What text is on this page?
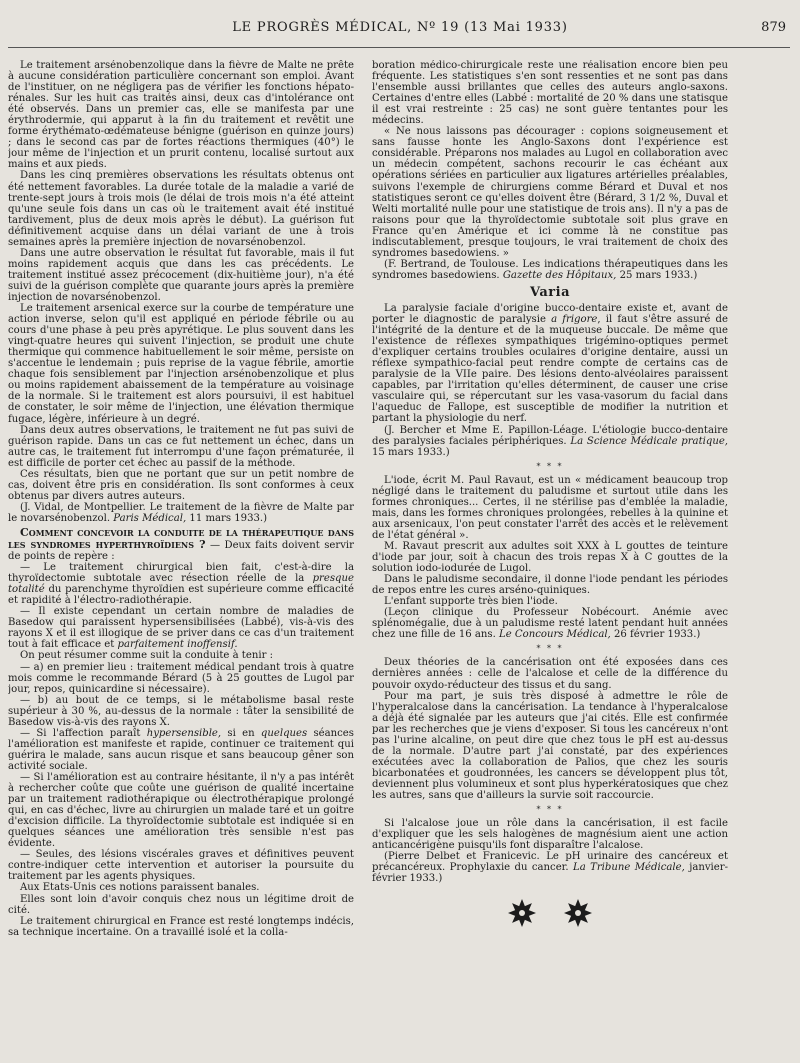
LE PROGRÈS MÉDICAL, Nº 19 (13 Mai 1933)	879

Le traitement arsénobenzolique dans la fièvre de Malte ne prête à aucune considération particulière concernant son emploi. Avant de l'instituer, on ne négligera pas de vérifier les fonctions hépato-rénales. Sur les huit cas traités ainsi, deux cas d'intolérance ont été observés. Dans un premier cas, elle se manifesta par une érythrodermie, qui apparut à la fin du traitement et revêtit une forme érythémato-œdémateuse bénigne (guérison en quinze jours) ; dans le second cas par de fortes réactions thermiques (40°) le jour même de l'injection et un prurit contenu, localisé surtout aux mains et aux pieds.

Dans les cinq premières observations les résultats obtenus ont été nettement favorables. La durée totale de la maladie a varié de trente-sept jours à trois mois (le délai de trois mois n'a été atteint qu'une seule fois dans un cas où le traitement avait été institué tardivement, plus de deux mois après le début). La guérison fut définitivement acquise dans un délai variant de une à trois semaines après la première injection de novarsénobenzol.

Dans une autre observation le résultat fut favorable, mais il fut moins rapidement acquis que dans les cas précédents. Le traitement institué assez précocement (dix-huitième jour), n'a été suivi de la guérison complète que quarante jours après la première injection de novarsénobenzol.

Le traitement arsenical exerce sur la courbe de température une action inverse, selon qu'il est appliqué en période fébrile ou au cours d'une phase à peu près apyrétique. Le plus souvent dans les vingt-quatre heures qui suivent l'injection, se produit une chute thermique qui commence habituellement le soir même, persiste on s'accentue le lendemain ; puis reprise de la vague fébrile, amortie chaque fois sensiblement par l'injection arsénobenzolique et plus ou moins rapidement abaissement de la température au voisinage de la normale. Si le traitement est alors poursuivi, il est habituel de constater, le soir même de l'injection, une élévation thermique fugace, légère, inférieure à un degré.

Dans deux autres observations, le traitement ne fut pas suivi de guérison rapide. Dans un cas ce fut nettement un échec, dans un autre cas, le traitement fut interrompu d'une façon prématurée, il est difficile de porter cet échec au passif de la méthode.

Ces résultats, bien que ne portant que sur un petit nombre de cas, doivent être pris en considération. Ils sont conformes à ceux obtenus par divers autres auteurs.

(J. Vidal, de Montpellier. Le traitement de la fièvre de Malte par le novarsénobenzol. Paris Médical, 11 mars 1933.)

Comment concevoir la conduite de la thérapeutique dans les syndromes hyperthyroïdiens ? — Deux faits doivent servir de points de repère :

— Le traitement chirurgical bien fait, c'est-à-dire la thyroïdectomie subtotale avec résection réelle de la presque totalité du parenchyme thyroïdien est supérieure comme efficacité et rapidité à l'électro-radiothérapie.

— Il existe cependant un certain nombre de maladies de Basedow qui paraissent hypersensibilisées (Labbé), vis-à-vis des rayons X et il est illogique de se priver dans ce cas d'un traitement tout à fait efficace et parfaitement inoffensif.

On peut résumer comme suit la conduite à tenir :

— a) en premier lieu : traitement médical pendant trois à quatre mois comme le recommande Bérard (5 à 25 gouttes de Lugol par jour, repos, quinicardine si nécessaire).

— b) au bout de ce temps, si le métabolisme basal reste supérieur à 30 %, au-dessus de la normale : tâter la sensibilité de Basedow vis-à-vis des rayons X.

— Si l'affection paraît hypersensible, si en quelques séances l'amélioration est manifeste et rapide, continuer ce traitement qui guérira le malade, sans aucun risque et sans beaucoup gêner son activité sociale.

— Si l'amélioration est au contraire hésitante, il n'y a pas intérêt à rechercher coûte que coûte une guérison de qualité incertaine par un traitement radiothérapique ou électrothérapique prolongé qui, en cas d'échec, livre au chirurgien un malade taré et un goitre d'excision difficile. La thyroïdectomie subtotale est indiquée si en quelques séances une amélioration très sensible n'est pas évidente.

— Seules, des lésions viscérales graves et définitives peuvent contre-indiquer cette intervention et autoriser la poursuite du traitement par les agents physiques.

Aux Etats-Unis ces notions paraissent banales.

Elles sont loin d'avoir conquis chez nous un légitime droit de cité.

Le traitement chirurgical en France est resté longtemps indécis, sa technique incertaine. On a travaillé isolé et la colla-

boration médico-chirurgicale reste une réalisation encore bien peu fréquente. Les statistiques s'en sont ressenties et ne sont pas dans l'ensemble aussi brillantes que celles des auteurs anglo-saxons. Certaines d'entre elles (Labbé : mortalité de 20 % dans une statisque il est vrai restreinte : 25 cas) ne sont guère tentantes pour les médecins.

« Ne nous laissons pas décourager : copions soigneusement et sans fausse honte les Anglo-Saxons dont l'expérience est considérable. Préparons nos malades au Lugol en collaboration avec un médecin compétent, sachons recourir le cas échéant aux opérations sériées en particulier aux ligatures artérielles préalables, suivons l'exemple de chirurgiens comme Bérard et Duval et nos statistiques seront ce qu'elles doivent être (Bérard, 3 1/2 %, Duval et Welti mortalité nulle pour une statistique de trois ans). Il n'y a pas de raisons pour que la thyroïdectomie subtotale soit plus grave en France qu'en Amérique et ici comme là ne constitue pas indiscutablement, presque toujours, le vrai traitement de choix des syndromes basedowiens. »

(F. Bertrand, de Toulouse. Les indications thérapeutiques dans les syndromes basedowiens. Gazette des Hôpitaux, 25 mars 1933.)

Varia

La paralysie faciale d'origine bucco-dentaire existe et, avant de porter le diagnostic de paralysie a frigore, il faut s'être assuré de l'intégrité de la denture et de la muqueuse buccale. De même que l'existence de réflexes sympathiques trigémino-optiques permet d'expliquer certains troubles oculaires d'origine dentaire, aussi un réflexe sympathico-facial peut rendre compte de certains cas de paralysie de la VIIe paire. Des lésions dento-alvéolaires paraissent capables, par l'irritation qu'elles déterminent, de causer une crise vasculaire qui, se répercutant sur les vasa-vasorum du facial dans l'aqueduc de Fallope, est susceptible de modifier la nutrition et partant la physiologie du nerf.

(J. Bercher et Mme E. Papillon-Léage. L'étiologie bucco-dentaire des paralysies faciales périphériques. La Science Médicale pratique, 15 mars 1933.)

* * *

L'iode, écrit M. Paul Ravaut, est un « médicament beaucoup trop négligé dans le traitement du paludisme et surtout utile dans les formes chroniques... Certes, il ne stérilise pas d'emblée la maladie, mais, dans les formes chroniques prolongées, rebelles à la quinine et aux arsenicaux, l'on peut constater l'arrêt des accès et le relèvement de l'état général ».

M. Ravaut prescrit aux adultes soit XXX à L gouttes de teinture d'iode par jour, soit à chacun des trois repas X à C gouttes de la solution iodo-iodurée de Lugol.

Dans le paludisme secondaire, il donne l'iode pendant les périodes de repos entre les cures arséno-quiniques.

L'enfant supporte très bien l'iode.

(Leçon clinique du Professeur Nobécourt. Anémie avec splénomégalie, due à un paludisme resté latent pendant huit années chez une fille de 16 ans. Le Concours Médical, 26 février 1933.)

* * *

Deux théories de la cancérisation ont été exposées dans ces dernières années : celle de l'alcalose et celle de la différence du pouvoir oxydo-réducteur des tissus et du sang.

Pour ma part, je suis très disposé à admettre le rôle de l'hyperalcalose dans la cancérisation. La tendance à l'hyperalcalose a déjà été signalée par les auteurs que j'ai cités. Elle est confirmée par les recherches que je viens d'exposer. Si tous les cancéreux n'ont pas l'urine alcaline, on peut dire que chez tous le pH est au-dessus de la normale. D'autre part j'ai constaté, par des expériences exécutées avec la collaboration de Palios, que chez les souris bicarbonatées et goudronnées, les cancers se développent plus tôt, deviennent plus volumineux et sont plus hyperkératosiques que chez les autres, sans que d'ailleurs la survie soit raccourcie.

* * *

Si l'alcalose joue un rôle dans la cancérisation, il est facile d'expliquer que les sels halogènes de magnésium aient une action anticancérigène puisqu'ils font disparaître l'alcalose.

(Pierre Delbet et Franicevic. Le pH urinaire des cancéreux et précancéreux. Prophylaxie du cancer. La Tribune Médicale, janvier-février 1933.)
